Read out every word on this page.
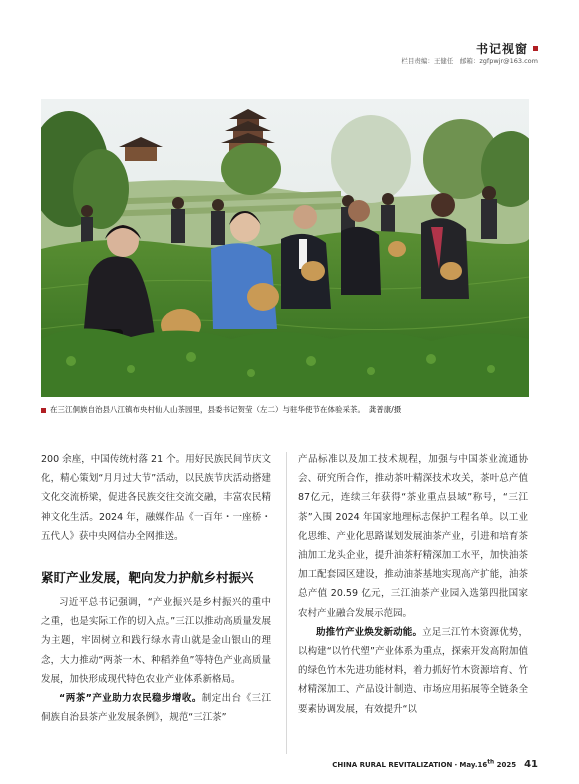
书记视窗
栏目责编：王健任　邮箱：zgfpwjr@163.com
在三江侗族自治县八江镇布央村仙人山茶园里，县委书记贺莹（左二）与驻华使节在体验采茶。　龚普康/摄

200 余座，中国传统村落 21 个。用好民族民间节庆文化，精心策划“月月过大节”活动，以民族节庆活动搭建文化交流桥梁，促进各民族交往交流交融，丰富农民精神文化生活。2024 年，融媒作品《一百年・一座桥・五代人》获中央网信办全网推送。

紧盯产业发展，靶向发力护航乡村振兴

习近平总书记强调，“产业振兴是乡村振兴的重中之重，也是实际工作的切入点。”三江以推动高质量发展为主题，牢固树立和践行绿水青山就是金山银山的理念，大力推动“两茶一木、种稻养鱼”等特色产业高质量发展，加快形成现代特色农业产业体系新格局。

“两茶”产业助力农民稳步增收。制定出台《三江侗族自治县茶产业发展条例》，规范“三江茶”

产品标准以及加工技术规程，加强与中国茶业流通协会、研究所合作，推动茶叶精深技术攻关，茶叶总产值 87亿元，连续三年获得“茶业重点县域”称号，“三江茶”入围 2024 年国家地理标志保护工程名单。以工业化思维、产业化思路谋划发展油茶产业，引进和培育茶油加工龙头企业，提升油茶籽精深加工水平，加快油茶加工配套园区建设，推动油茶基地实现高产扩能，油茶总产值 20.59 亿元，三江油茶产业园入选第四批国家农村产业融合发展示范园。

助推竹产业焕发新动能。立足三江竹木资源优势，以构建“以竹代塑”产业体系为重点，探索开发高附加值的绿色竹木先进功能材料，着力抓好竹木资源培育、竹材精深加工、产品设计制造、市场应用拓展等全链条全要素协调发展，有效提升“以

CHINA RURAL REVITALIZATION・May.16th 2025 41
